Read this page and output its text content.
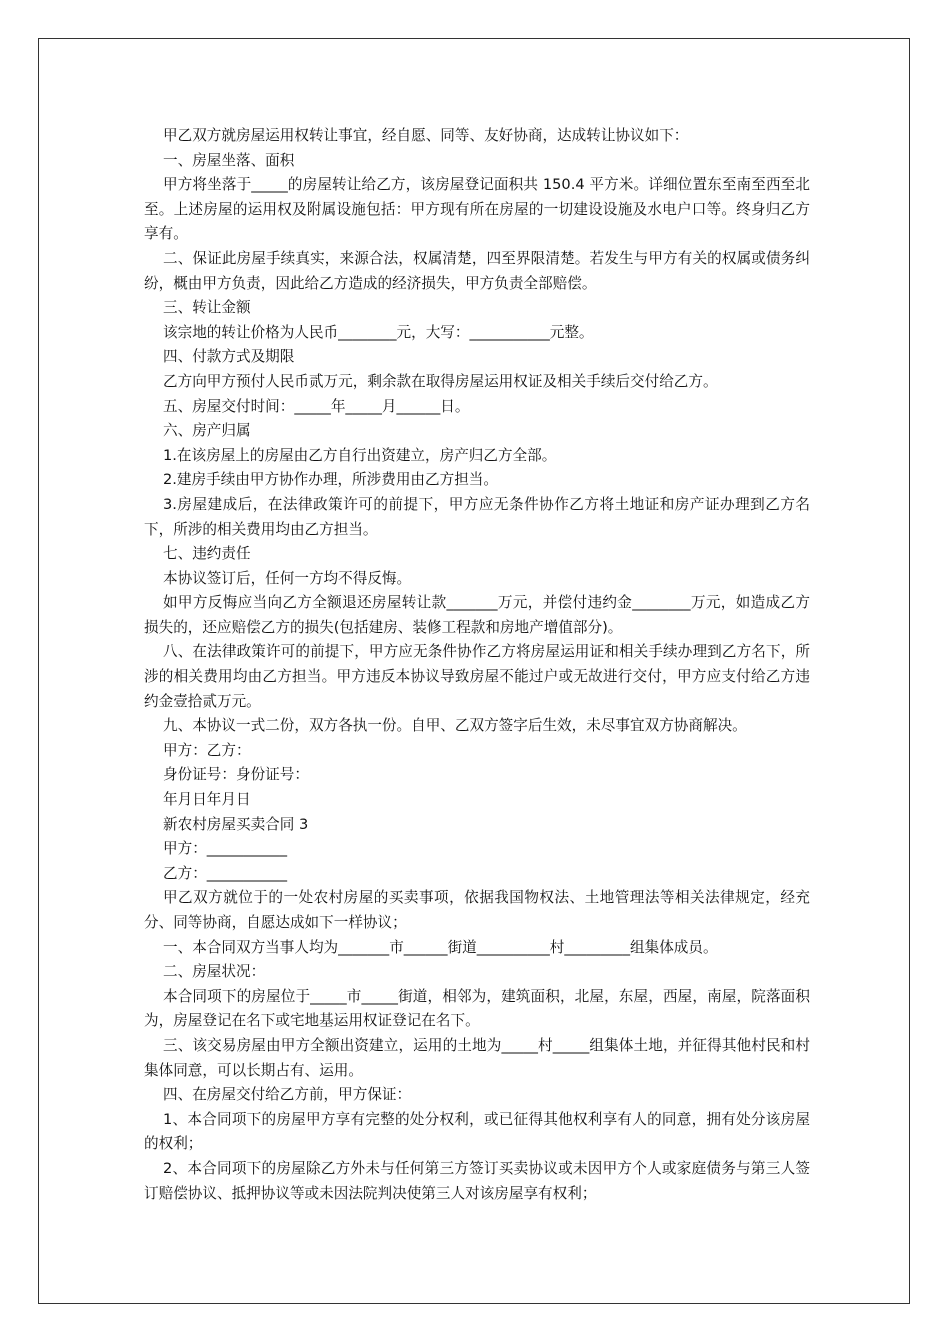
甲乙双方就房屋运用权转让事宜，经自愿、同等、友好协商，达成转让协议如下：

一、房屋坐落、面积

甲方将坐落于_____的房屋转让给乙方，该房屋登记面积共 150.4 平方米。详细位置东至南至西至北至。上述房屋的运用权及附属设施包括：甲方现有所在房屋的一切建设设施及水电户口等。终身归乙方享有。

二、保证此房屋手续真实，来源合法，权属清楚，四至界限清楚。若发生与甲方有关的权属或债务纠纷，概由甲方负责，因此给乙方造成的经济损失，甲方负责全部赔偿。

三、转让金额

该宗地的转让价格为人民币________元，大写：___________元整。

四、付款方式及期限

乙方向甲方预付人民币贰万元，剩余款在取得房屋运用权证及相关手续后交付给乙方。

五、房屋交付时间：_____年_____月______日。

六、房产归属

1.在该房屋上的房屋由乙方自行出资建立，房产归乙方全部。

2.建房手续由甲方协作办理，所涉费用由乙方担当。

3.房屋建成后，在法律政策许可的前提下，甲方应无条件协作乙方将土地证和房产证办理到乙方名下，所涉的相关费用均由乙方担当。

七、违约责任

本协议签订后，任何一方均不得反悔。

如甲方反悔应当向乙方全额退还房屋转让款_______万元，并偿付违约金________万元，如造成乙方损失的，还应赔偿乙方的损失(包括建房、装修工程款和房地产增值部分)。

八、在法律政策许可的前提下，甲方应无条件协作乙方将房屋运用证和相关手续办理到乙方名下，所涉的相关费用均由乙方担当。甲方违反本协议导致房屋不能过户或无故进行交付，甲方应支付给乙方违约金壹拾贰万元。

九、本协议一式二份，双方各执一份。自甲、乙双方签字后生效，未尽事宜双方协商解决。

甲方：乙方：

身份证号：身份证号：

年月日年月日

新农村房屋买卖合同 3

甲方：___________

乙方：___________

甲乙双方就位于的一处农村房屋的买卖事项，依据我国物权法、土地管理法等相关法律规定，经充分、同等协商，自愿达成如下一样协议；

一、本合同双方当事人均为_______市______街道__________村_________组集体成员。

二、房屋状况：

本合同项下的房屋位于_____市_____街道，相邻为，建筑面积，北屋，东屋，西屋，南屋，院落面积为，房屋登记在名下或宅地基运用权证登记在名下。

三、该交易房屋由甲方全额出资建立，运用的土地为_____村_____组集体土地，并征得其他村民和村集体同意，可以长期占有、运用。

四、在房屋交付给乙方前，甲方保证：

1、本合同项下的房屋甲方享有完整的处分权利，或已征得其他权利享有人的同意，拥有处分该房屋的权利；

2、本合同项下的房屋除乙方外未与任何第三方签订买卖协议或未因甲方个人或家庭债务与第三人签订赔偿协议、抵押协议等或未因法院判决使第三人对该房屋享有权利；
